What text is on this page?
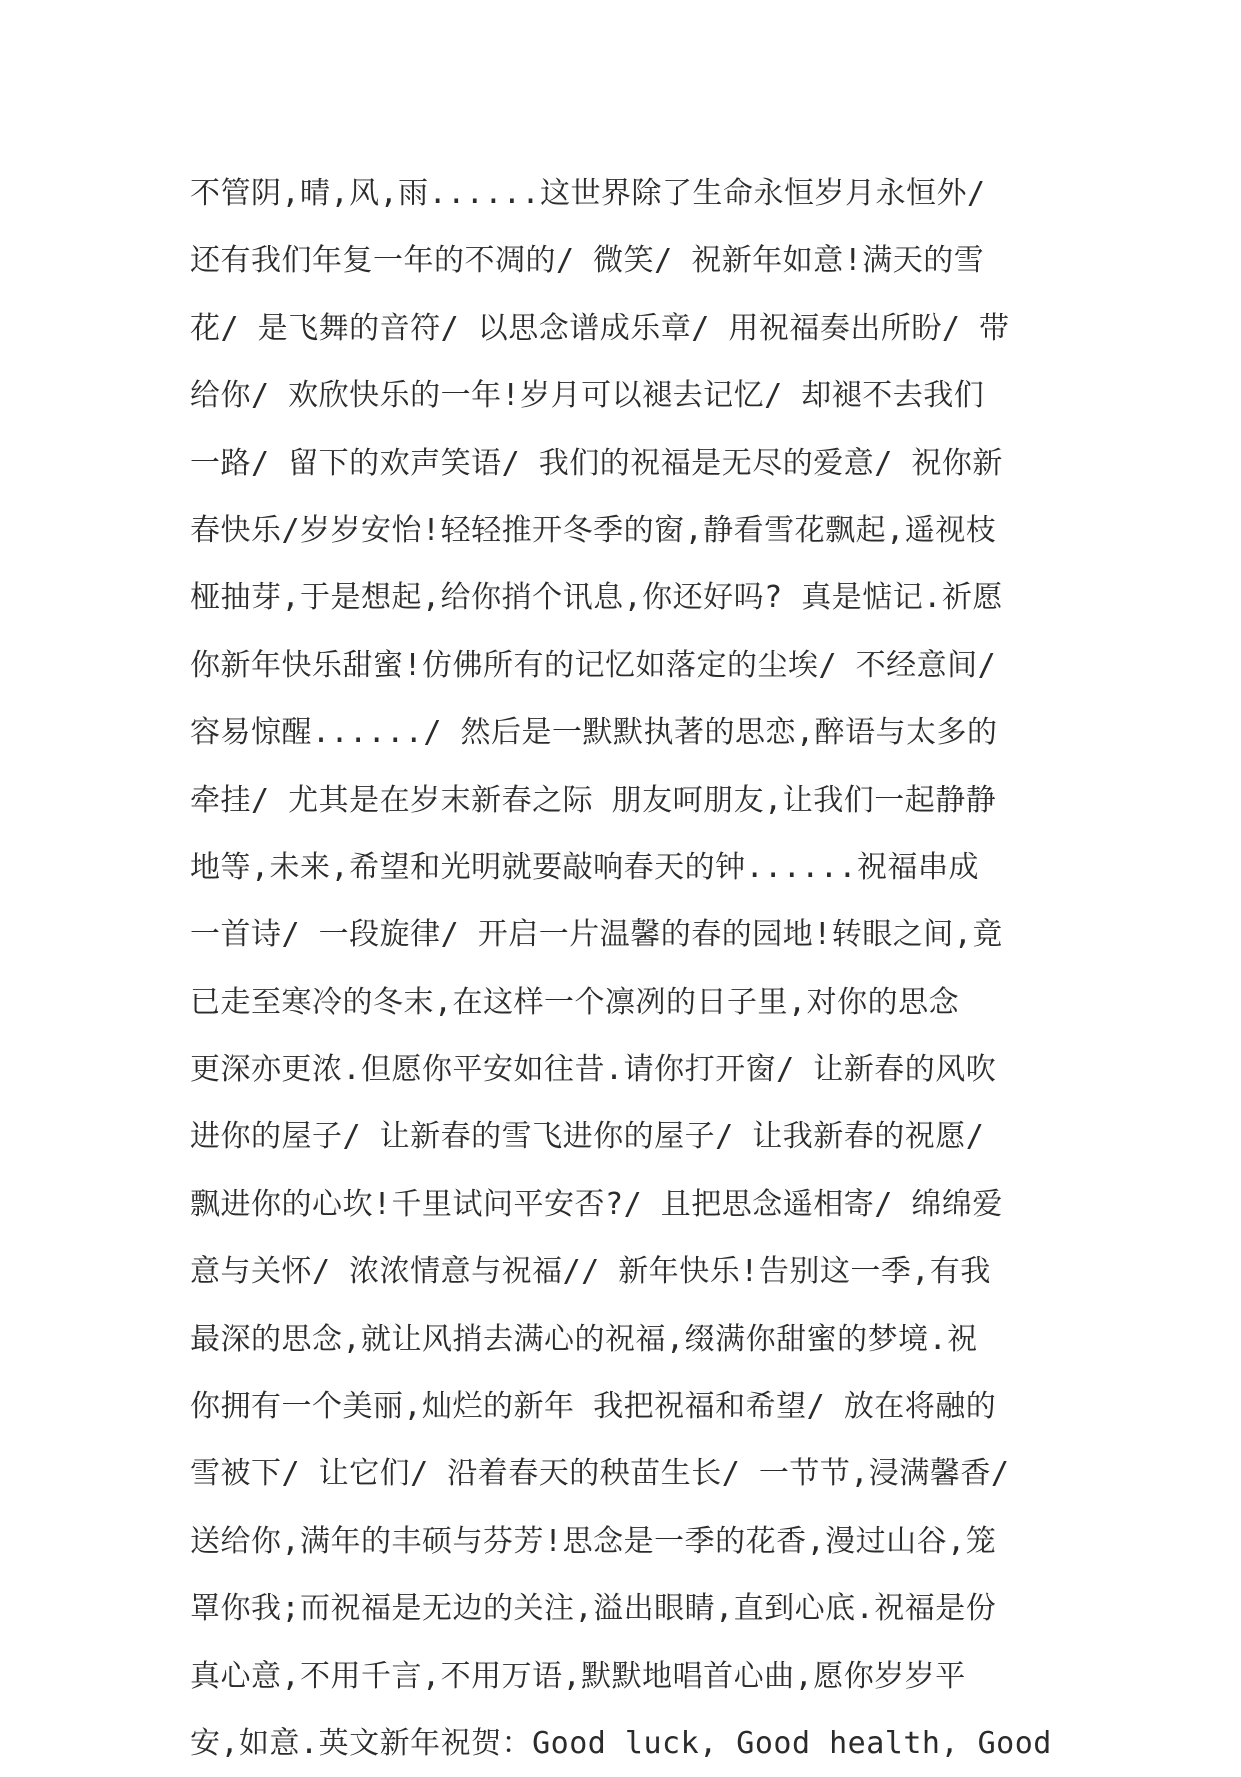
不管阴,晴,风,雨......这世界除了生命永恒岁月永恒外/
还有我们年复一年的不凋的/ 微笑/ 祝新年如意!满天的雪
花/ 是飞舞的音符/ 以思念谱成乐章/ 用祝福奏出所盼/ 带
给你/ 欢欣快乐的一年!岁月可以褪去记忆/ 却褪不去我们
一路/ 留下的欢声笑语/ 我们的祝福是无尽的爱意/ 祝你新
春快乐/岁岁安怡!轻轻推开冬季的窗,静看雪花飘起,遥视枝
桠抽芽,于是想起,给你捎个讯息,你还好吗? 真是惦记.祈愿
你新年快乐甜蜜!仿佛所有的记忆如落定的尘埃/ 不经意间/
容易惊醒....../ 然后是一默默执著的思恋,醉语与太多的
牵挂/ 尤其是在岁末新春之际 朋友呵朋友,让我们一起静静
地等,未来,希望和光明就要敲响春天的钟......祝福串成
一首诗/ 一段旋律/ 开启一片温馨的春的园地!转眼之间,竟
已走至寒冷的冬末,在这样一个凛冽的日子里,对你的思念
更深亦更浓.但愿你平安如往昔.请你打开窗/ 让新春的风吹
进你的屋子/ 让新春的雪飞进你的屋子/ 让我新春的祝愿/
飘进你的心坎!千里试问平安否?/ 且把思念遥相寄/ 绵绵爱
意与关怀/ 浓浓情意与祝福// 新年快乐!告别这一季,有我
最深的思念,就让风捎去满心的祝福,缀满你甜蜜的梦境.祝
你拥有一个美丽,灿烂的新年 我把祝福和希望/ 放在将融的
雪被下/ 让它们/ 沿着春天的秧苗生长/ 一节节,浸满馨香/
送给你,满年的丰硕与芬芳!思念是一季的花香,漫过山谷,笼
罩你我;而祝福是无边的关注,溢出眼睛,直到心底.祝福是份
真心意,不用千言,不用万语,默默地唱首心曲,愿你岁岁平
安,如意.英文新年祝贺：Good luck, Good health, Good
